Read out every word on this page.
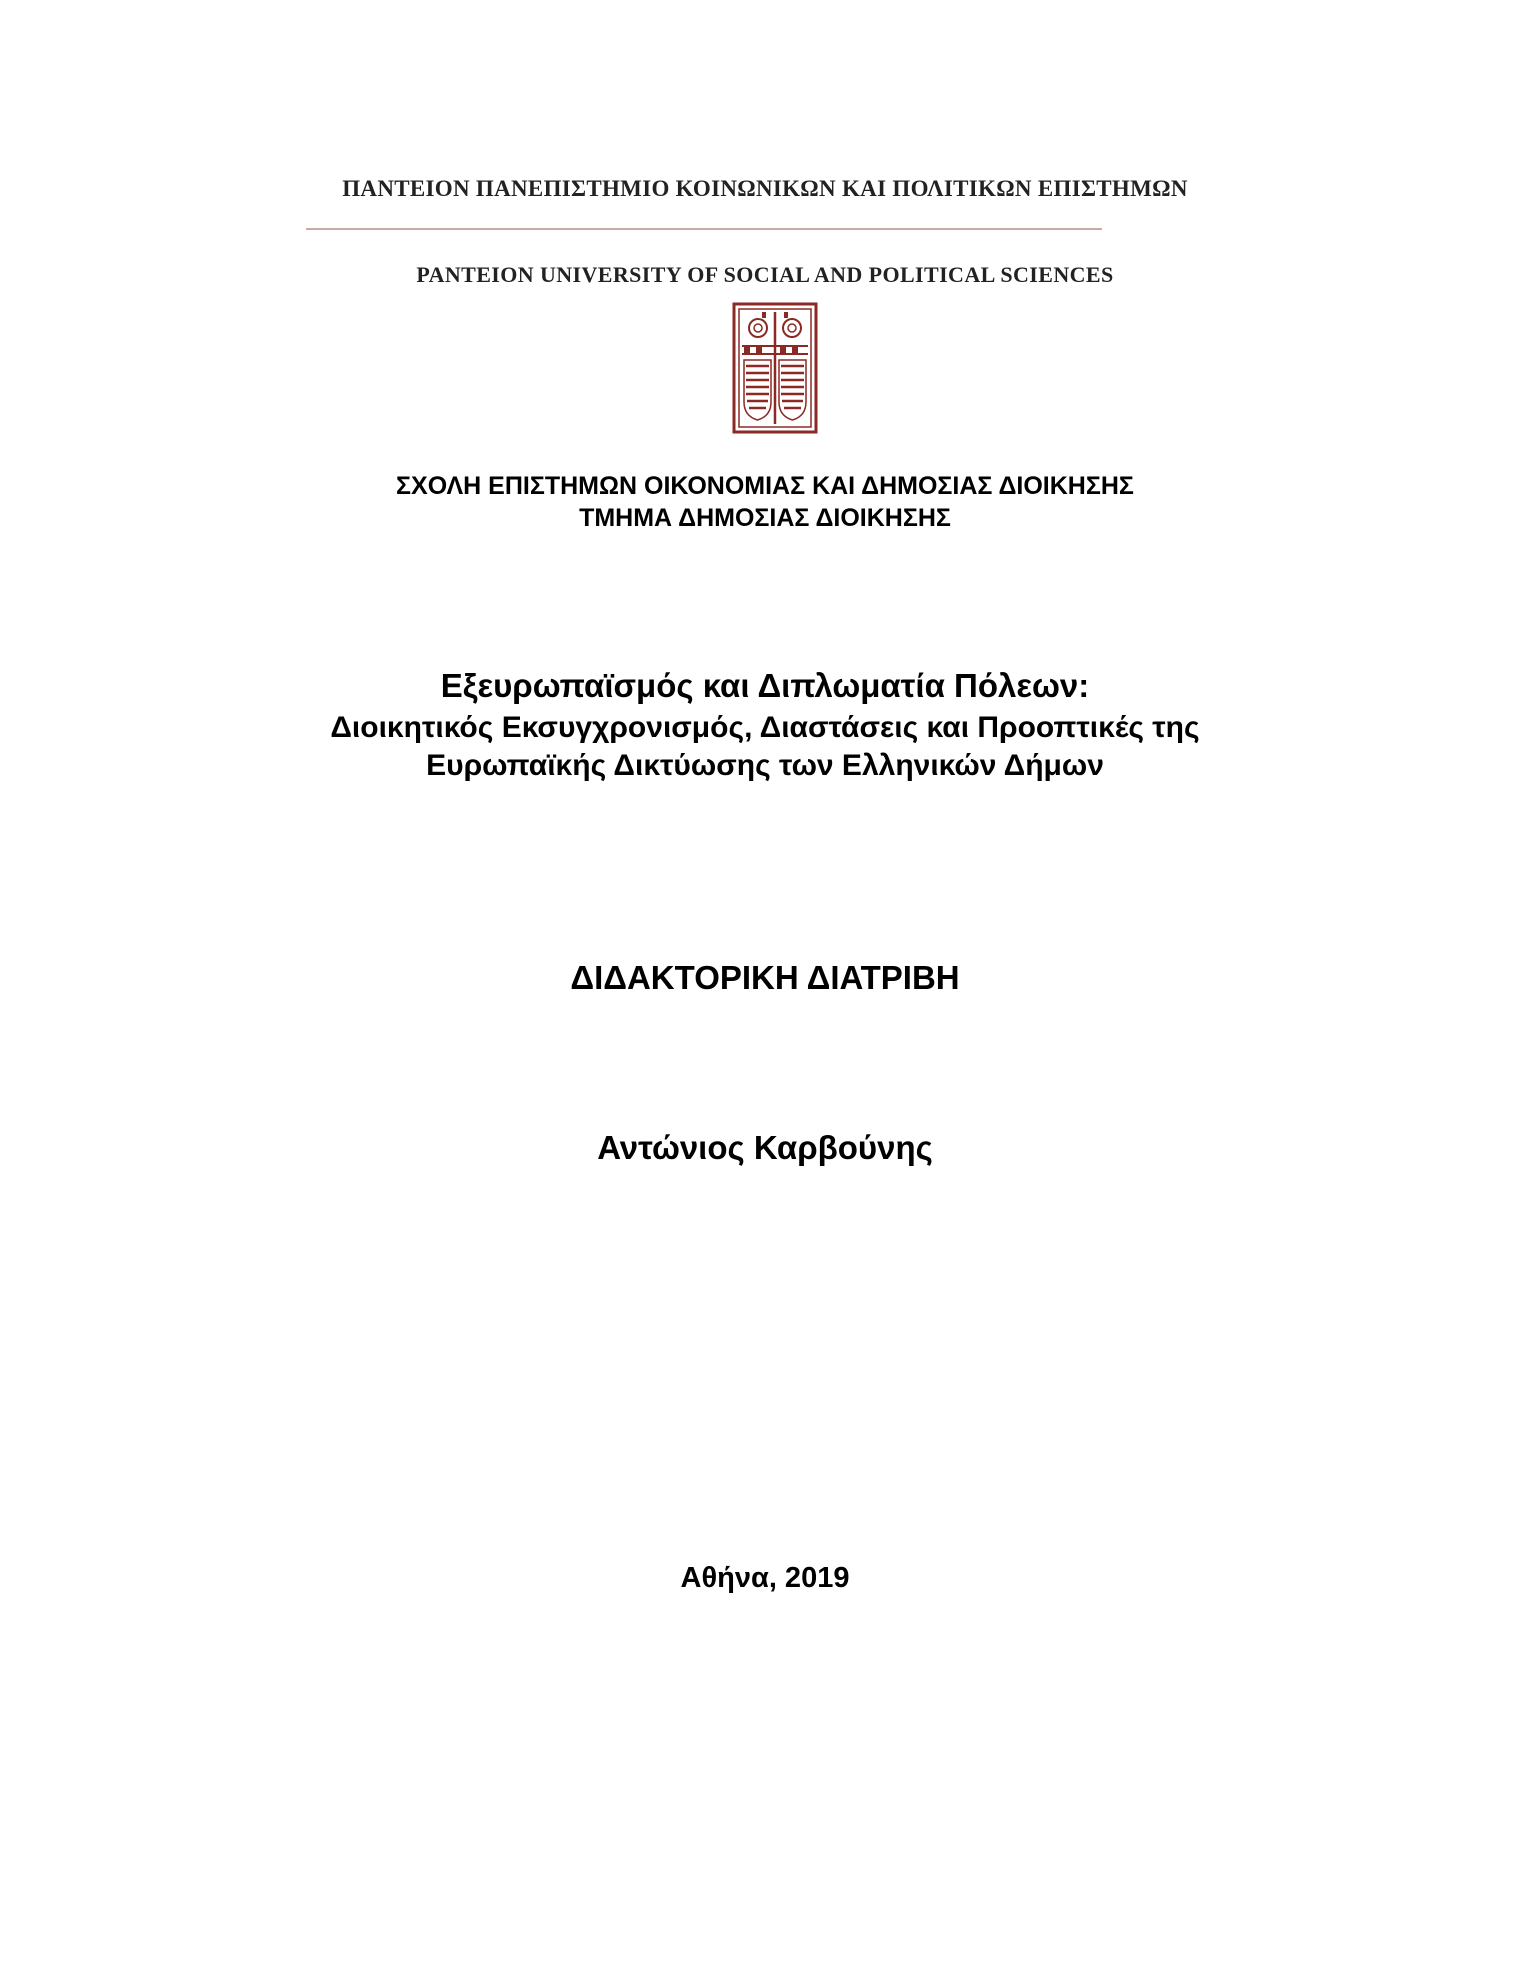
ΠΑΝΤΕΙΟΝ ΠΑΝΕΠΙΣΤΗΜΙΟ ΚΟΙΝΩΝΙΚΩΝ ΚΑΙ ΠΟΛΙΤΙΚΩΝ ΕΠΙΣΤΗΜΩΝ
PANTEION UNIVERSITY OF SOCIAL AND POLITICAL SCIENCES
ΣΧΟΛΗ ΕΠΙΣΤΗΜΩΝ ΟΙΚΟΝΟΜΙΑΣ ΚΑΙ ΔΗΜΟΣΙΑΣ ΔΙΟΙΚΗΣΗΣ
ΤΜΗΜΑ ΔΗΜΟΣΙΑΣ ΔΙΟΙΚΗΣΗΣ
Εξευρωπαϊσμός και Διπλωματία Πόλεων:
Διοικητικός Εκσυγχρονισμός, Διαστάσεις και Προοπτικές της
Ευρωπαϊκής Δικτύωσης των Ελληνικών Δήμων
ΔΙΔΑΚΤΟΡΙΚΗ ΔΙΑΤΡΙΒΗ
Αντώνιος Καρβούνης
Αθήνα, 2019
